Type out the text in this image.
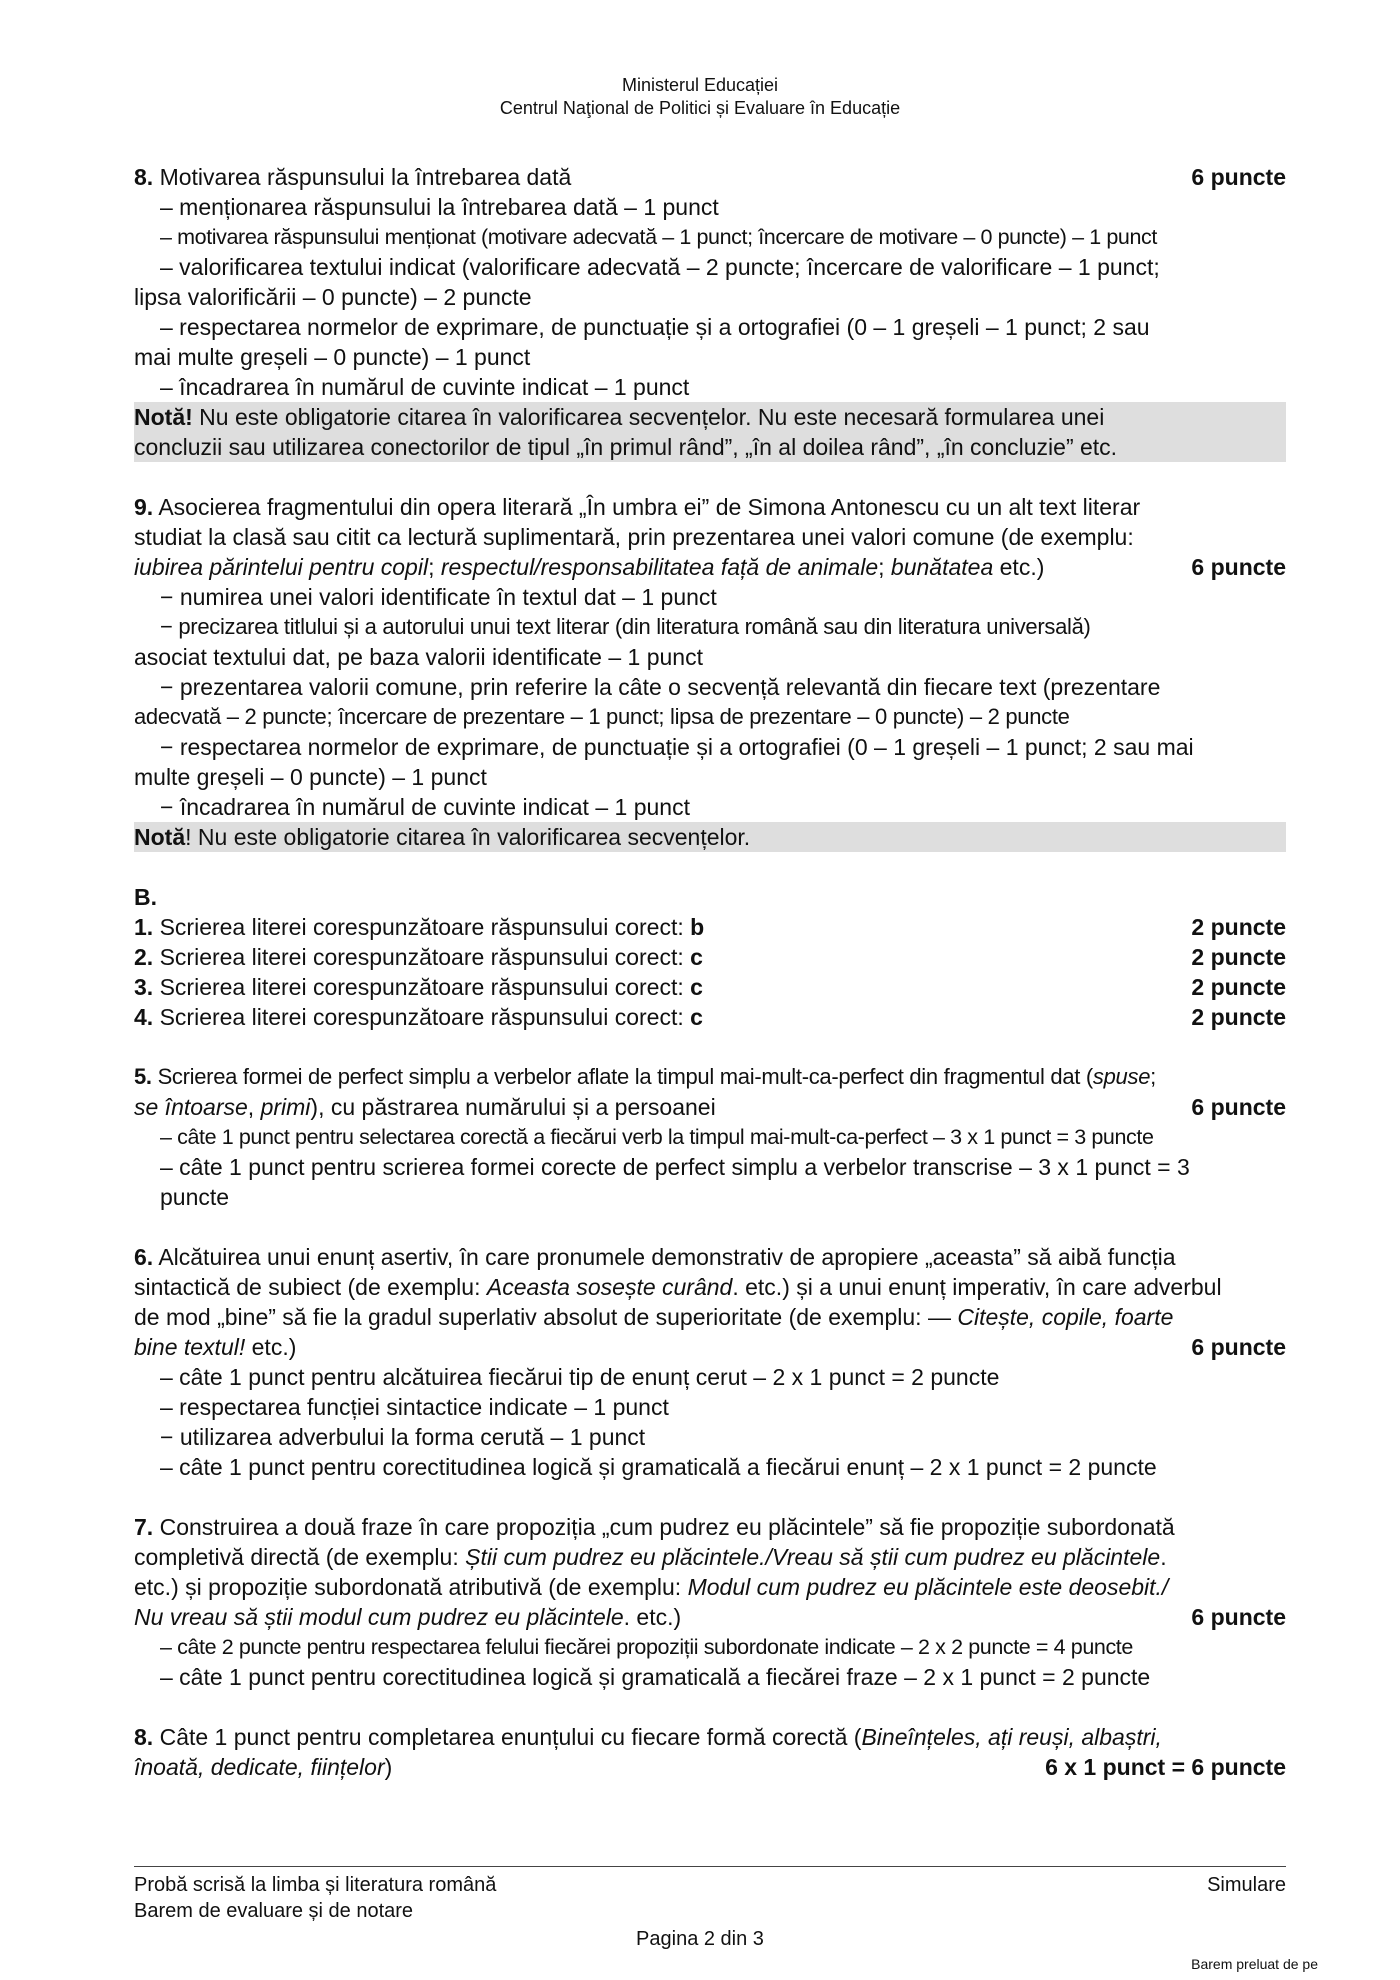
Ministerul Educației
Centrul Naţional de Politici și Evaluare în Educație
8. Motivarea răspunsului la întrebarea dată	6 puncte
– menționarea răspunsului la întrebarea dată – 1 punct
– motivarea răspunsului menționat (motivare adecvată – 1 punct; încercare de motivare – 0 puncte) – 1 punct
– valorificarea textului indicat (valorificare adecvată – 2 puncte; încercare de valorificare – 1 punct;
lipsa valorificării – 0 puncte) – 2 puncte
– respectarea normelor de exprimare, de punctuație și a ortografiei (0 – 1 greșeli – 1 punct; 2 sau
mai multe greșeli – 0 puncte) – 1 punct
– încadrarea în numărul de cuvinte indicat – 1 punct
Notă! Nu este obligatorie citarea în valorificarea secvențelor. Nu este necesară formularea unei
concluzii sau utilizarea conectorilor de tipul „în primul rând”, „în al doilea rând”, „în concluzie” etc.
9. Asocierea fragmentului din opera literară „În umbra ei” de Simona Antonescu cu un alt text literar
studiat la clasă sau citit ca lectură suplimentară, prin prezentarea unei valori comune (de exemplu:
iubirea părintelui pentru copil; respectul/responsabilitatea față de animale; bunătatea etc.)	6 puncte
− numirea unei valori identificate în textul dat – 1 punct
− precizarea titlului și a autorului unui text literar (din literatura română sau din literatura universală)
asociat textului dat, pe baza valorii identificate – 1 punct
− prezentarea valorii comune, prin referire la câte o secvență relevantă din fiecare text (prezentare
adecvată – 2 puncte; încercare de prezentare – 1 punct; lipsa de prezentare – 0 puncte) – 2 puncte
− respectarea normelor de exprimare, de punctuație și a ortografiei (0 – 1 greșeli – 1 punct; 2 sau mai
multe greșeli – 0 puncte) – 1 punct
− încadrarea în numărul de cuvinte indicat – 1 punct
Notă! Nu este obligatorie citarea în valorificarea secvențelor.
B.
1. Scrierea literei corespunzătoare răspunsului corect: b	2 puncte
2. Scrierea literei corespunzătoare răspunsului corect: c	2 puncte
3. Scrierea literei corespunzătoare răspunsului corect: c	2 puncte
4. Scrierea literei corespunzătoare răspunsului corect: c	2 puncte
5. Scrierea formei de perfect simplu a verbelor aflate la timpul mai-mult-ca-perfect din fragmentul dat (spuse;
se întoarse, primi), cu păstrarea numărului și a persoanei	6 puncte
– câte 1 punct pentru selectarea corectă a fiecărui verb la timpul mai-mult-ca-perfect – 3 x 1 punct = 3 puncte
– câte 1 punct pentru scrierea formei corecte de perfect simplu a verbelor transcrise – 3 x 1 punct = 3
puncte
6. Alcătuirea unui enunț asertiv, în care pronumele demonstrativ de apropiere „aceasta” să aibă funcția
sintactică de subiect (de exemplu: Aceasta sosește curând. etc.) și a unui enunț imperativ, în care adverbul
de mod „bine” să fie la gradul superlativ absolut de superioritate (de exemplu: — Citește, copile, foarte
bine textul! etc.)	6 puncte
– câte 1 punct pentru alcătuirea fiecărui tip de enunț cerut – 2 x 1 punct = 2 puncte
– respectarea funcției sintactice indicate – 1 punct
− utilizarea adverbului la forma cerută – 1 punct
– câte 1 punct pentru corectitudinea logică și gramaticală a fiecărui enunț – 2 x 1 punct = 2 puncte
7. Construirea a două fraze în care propoziția „cum pudrez eu plăcintele” să fie propoziție subordonată
completivă directă (de exemplu: Știi cum pudrez eu plăcintele./Vreau să știi cum pudrez eu plăcintele.
etc.) și propoziție subordonată atributivă (de exemplu: Modul cum pudrez eu plăcintele este deosebit./
Nu vreau să știi modul cum pudrez eu plăcintele. etc.)	6 puncte
– câte 2 puncte pentru respectarea felului fiecărei propoziții subordonate indicate – 2 x 2 puncte = 4 puncte
– câte 1 punct pentru corectitudinea logică și gramaticală a fiecărei fraze – 2 x 1 punct = 2 puncte
8. Câte 1 punct pentru completarea enunțului cu fiecare formă corectă (Bineînțeles, ați reuși, albaștri,
înoată, dedicate, ființelor)	6 x 1 punct = 6 puncte
Probă scrisă la limba și literatura română	Simulare
Barem de evaluare și de notare
Pagina 2 din 3
Barem preluat de pe
